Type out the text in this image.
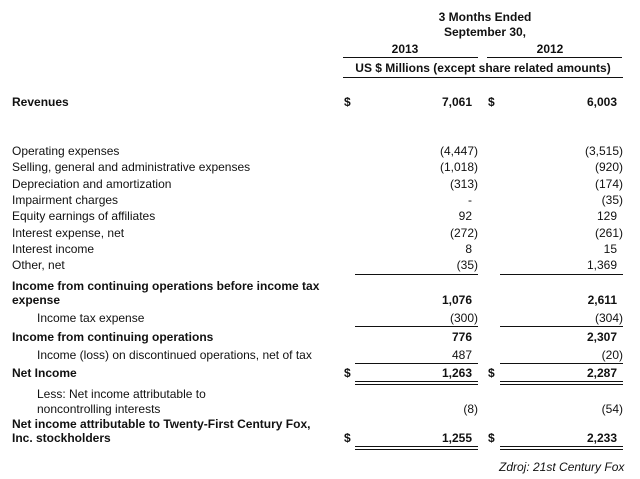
3 Months Ended
September 30,
2013	2012
US $ Millions (except share related amounts)
Revenues	$	7,061 $	6,003
Operating expenses	(4,447)	(3,515)
Selling, general and administrative expenses	(1,018)	(920)
Depreciation and amortization	(313)	(174)
Impairment charges	-	(35)
Equity earnings of affiliates	92	129
Interest expense, net	(272)	(261)
Interest income	8	15
Other, net	(35)	1,369
Income from continuing operations before income tax
expense	1,076	2,611
Income tax expense	(300)	(304)
Income from continuing operations	776	2,307
Income (loss) on discontinued operations, net of tax	487	(20)
Net Income	$	1,263 $	2,287
Less: Net income attributable to
noncontrolling interests	(8)	(54)
Net income attributable to Twenty-First Century Fox,
Inc. stockholders	$	1,255 $	2,233
Zdroj: 21st Century Fox
